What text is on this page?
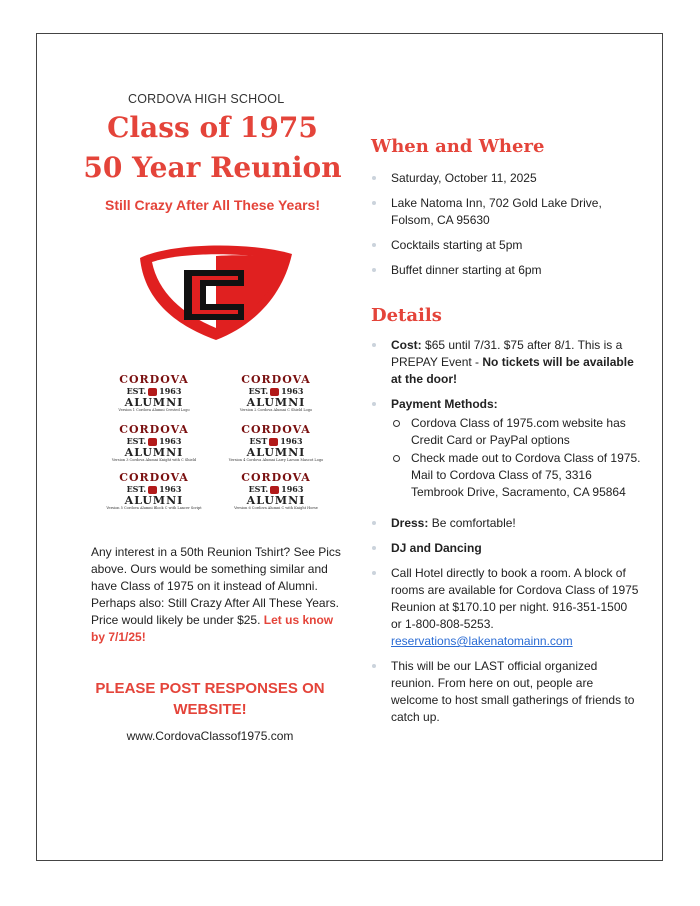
CORDOVA HIGH SCHOOL
Class of 1975
50 Year Reunion
Still Crazy After All These Years!
CORDOVA
EST. 1963
ALUMNI
Version 1 Cordova Alumni Crested Logo
CORDOVA
EST. 1963
ALUMNI
Version 2 Cordova Alumni C Shield Logo
CORDOVA
EST. 1963
ALUMNI
Version 3 Cordova Alumni Knight with C Shield
CORDOVA
EST 1963
ALUMNI
Version 4 Cordova Alumni Larry Larson Mascot Logo
CORDOVA
EST. 1963
ALUMNI
Version 5 Cordova Alumni Block C with Lancer Script
CORDOVA
EST. 1963
ALUMNI
Version 6 Cordova Alumni C with Knight Horse
Any interest in a 50th Reunion Tshirt? See Pics above. Ours would be something similar and have Class of 1975 on it instead of Alumni. Perhaps also: Still Crazy After All These Years. Price would likely be under $25. Let us know by 7/1/25!
PLEASE POST RESPONSES ON
WEBSITE!
www.CordovaClassof1975.com
When and Where
Saturday, October 11, 2025
Lake Natoma Inn, 702 Gold Lake Drive, Folsom, CA 95630
Cocktails starting at 5pm
Buffet dinner starting at 6pm
Details
Cost: $65 until 7/31. $75 after 8/1. This is a PREPAY Event - No tickets will be available at the door!
Payment Methods:
Cordova Class of 1975.com website has Credit Card or PayPal options
Check made out to Cordova Class of 1975. Mail to Cordova Class of 75, 3316 Tembrook Drive, Sacramento, CA 95864
Dress: Be comfortable!
DJ and Dancing
Call Hotel directly to book a room. A block of rooms are available for Cordova Class of 1975 Reunion at $170.10 per night. 916-351-1500 or 1-800-808-5253. reservations@lakenatomainn.com
This will be our LAST official organized reunion. From here on out, people are welcome to host small gatherings of friends to catch up.
